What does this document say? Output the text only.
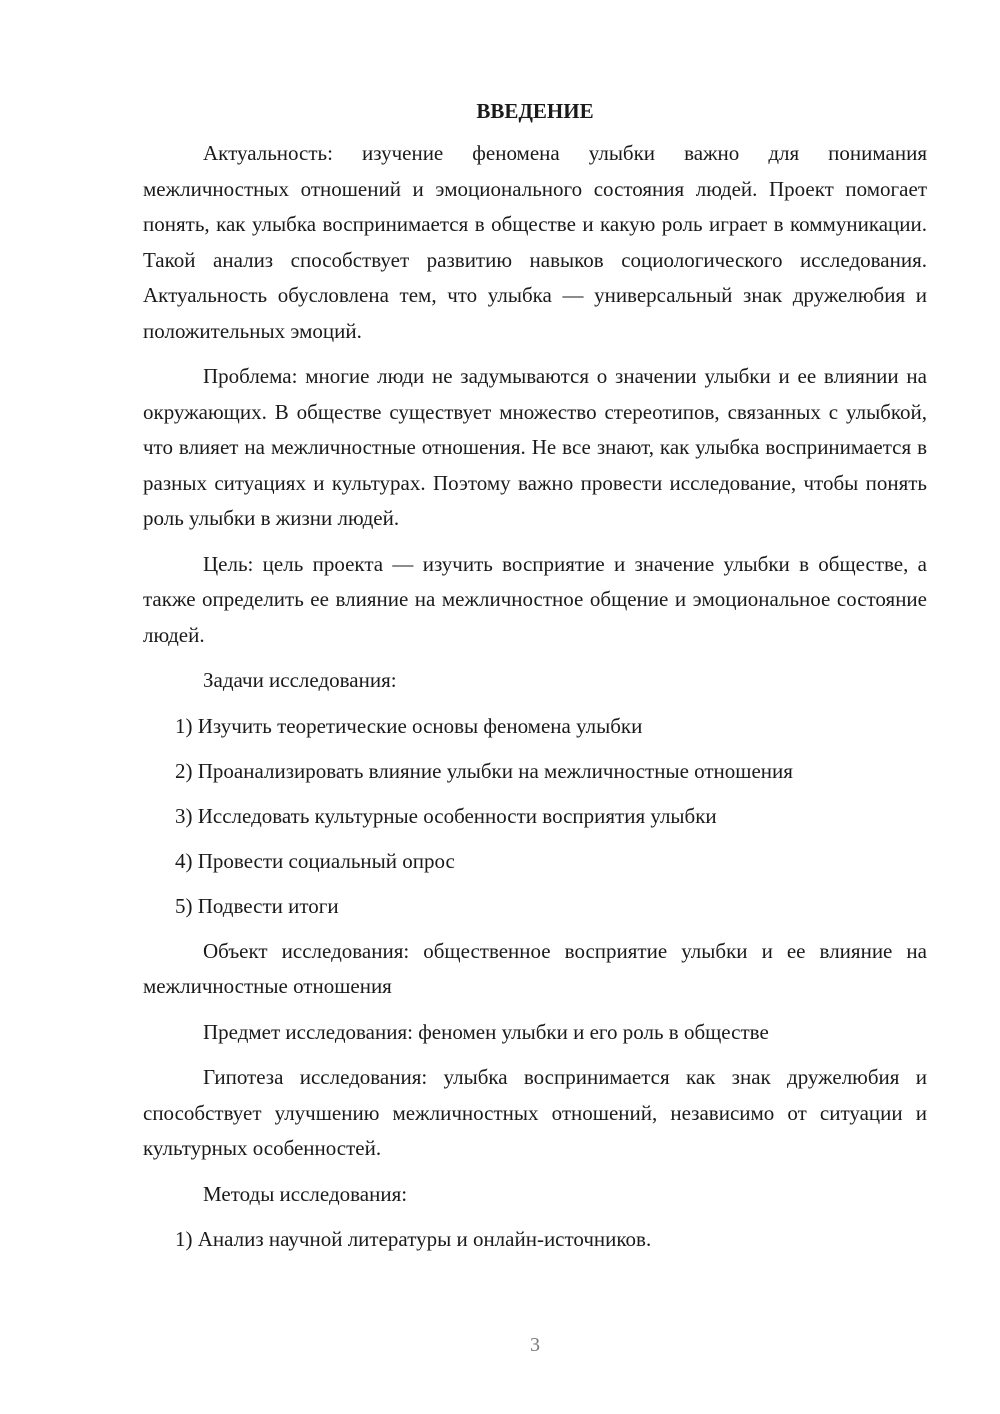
ВВЕДЕНИЕ
Актуальность: изучение феномена улыбки важно для понимания межличностных отношений и эмоционального состояния людей. Проект помогает понять, как улыбка воспринимается в обществе и какую роль играет в коммуникации. Такой анализ способствует развитию навыков социологического исследования. Актуальность обусловлена тем, что улыбка — универсальный знак дружелюбия и положительных эмоций.
Проблема: многие люди не задумываются о значении улыбки и ее влиянии на окружающих. В обществе существует множество стереотипов, связанных с улыбкой, что влияет на межличностные отношения. Не все знают, как улыбка воспринимается в разных ситуациях и культурах. Поэтому важно провести исследование, чтобы понять роль улыбки в жизни людей.
Цель: цель проекта — изучить восприятие и значение улыбки в обществе, а также определить ее влияние на межличностное общение и эмоциональное состояние людей.
Задачи исследования:
1) Изучить теоретические основы феномена улыбки
2) Проанализировать влияние улыбки на межличностные отношения
3) Исследовать культурные особенности восприятия улыбки
4) Провести социальный опрос
5) Подвести итоги
Объект исследования: общественное восприятие улыбки и ее влияние на межличностные отношения
Предмет исследования: феномен улыбки и его роль в обществе
Гипотеза исследования: улыбка воспринимается как знак дружелюбия и способствует улучшению межличностных отношений, независимо от ситуации и культурных особенностей.
Методы исследования:
1) Анализ научной литературы и онлайн-источников.
3
